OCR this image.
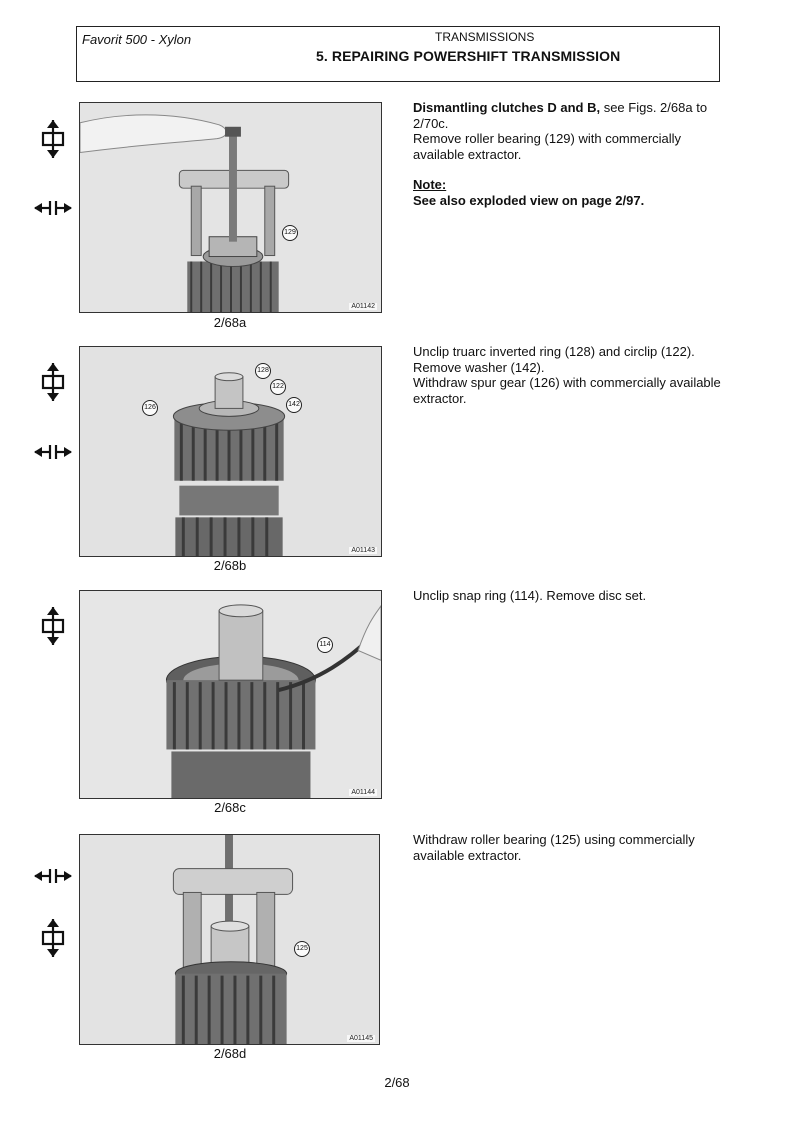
Favorit 500 - Xylon	TRANSMISSIONS
5. REPAIRING POWERSHIFT TRANSMISSION
129
A01142
2/68a

Dismantling clutches D and B, see Figs. 2/68a to 2/70c.

Remove roller bearing (129) with commercially available extractor.

Note:

See also exploded view on page 2/97.

128
122
142
126
A01143
2/68b

Unclip truarc inverted ring (128) and circlip (122).

Remove washer (142).

Withdraw spur gear (126) with commercially available extractor.

114
A01144
2/68c

Unclip snap ring (114). Remove disc set.

125
A01145
2/68d

Withdraw roller bearing (125) using commercially available extractor.

2/68
